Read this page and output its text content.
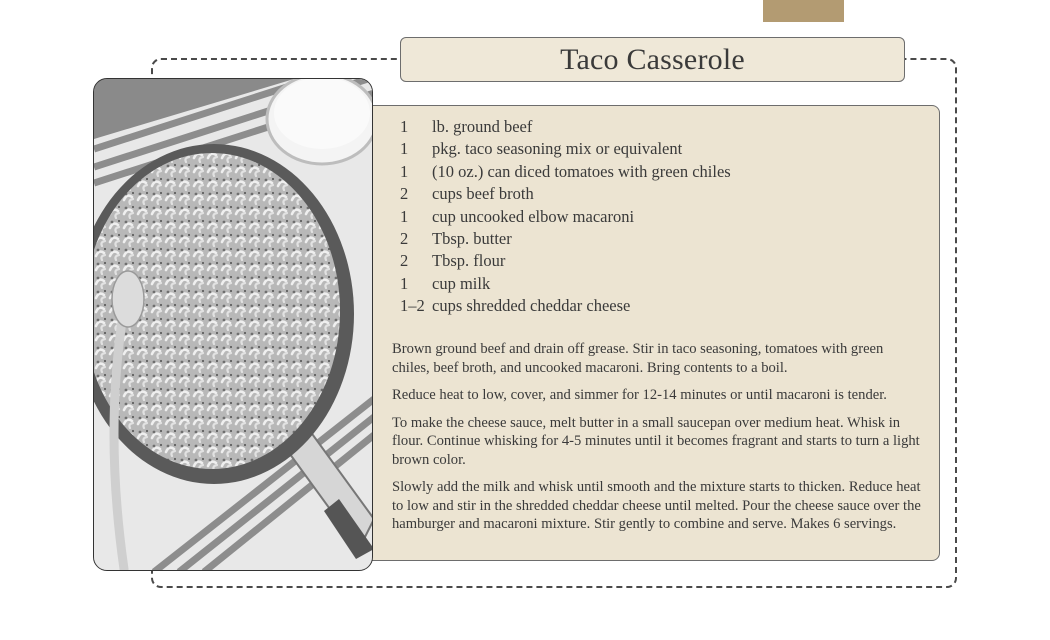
Taco Casserole
1	lb. ground beef
1	pkg. taco seasoning mix or equivalent
1	(10 oz.) can diced tomatoes with green chiles
2	cups beef broth
1	cup uncooked elbow macaroni
2	Tbsp. butter
2	Tbsp. flour
1	cup milk
1–2 cups shredded cheddar cheese

Brown ground beef and drain off grease. Stir in taco seasoning, tomatoes with green chiles, beef broth, and uncooked macaroni. Bring contents to a boil.

Reduce heat to low, cover, and simmer for 12-14 minutes or until macaroni is tender.

To make the cheese sauce, melt butter in a small saucepan over medium heat. Whisk in flour. Continue whisking for 4-5 minutes until it becomes fragrant and starts to turn a light brown color.

Slowly add the milk and whisk until smooth and the mixture starts to thicken. Reduce heat to low and stir in the shredded cheddar cheese until melted. Pour the cheese sauce over the hamburger and macaroni mixture. Stir gently to combine and serve. Makes 6 servings.
